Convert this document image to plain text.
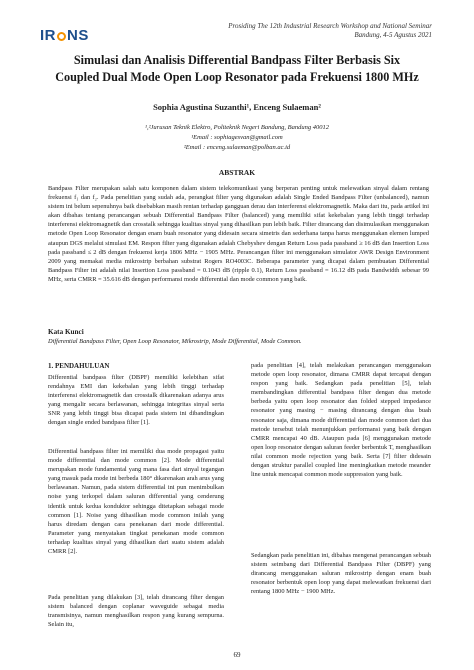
IR NS
Prosiding The 12th Industrial Research Workshop and National Seminar
Bandung, 4-5 Agustus 2021
Simulasi dan Analisis Differential Bandpass Filter Berbasis Six
Coupled Dual Mode Open Loop Resonator pada Frekuensi 1800 MHz
Sophia Agustina Suzanthi¹, Enceng Sulaeman²
¹,²Jurusan Teknik Elektro, Politeknik Negeri Bandung, Bandung 40012
¹Email : sophiagesvan@gmail.com
²Email : enceng.sulaeman@polban.ac.id
ABSTRAK
Bandpass Filter merupakan salah satu komponen dalam sistem telekomunikasi yang berperan penting untuk melewatkan sinyal dalam rentang frekuensi f₁ dan f₂. Pada penelitian yang sudah ada, perangkat filter yang digunakan adalah Single Ended Bandpass Filter (unbalanced), namun sistem ini belum sepenuhnya baik disebabkan masih rentan terhadap gangguan derau dan interferensi elektromagnetik. Maka dari itu, pada artikel ini akan dibahas tentang perancangan sebuah Differential Bandpass Filter (balanced) yang memiliki sifat kekebalan yang lebih tinggi terhadap interferensi elektromagnetik dan crosstalk sehingga kualitas sinyal yang dihasilkan pun lebih baik. Filter dirancang dan disimulasikan menggunakan metode Open Loop Resonator dengan enam buah resonator yang didesain secara simetris dan sederhana tanpa harus menggunakan elemen lumped ataupun DGS melalui simulasi EM. Respon filter yang digunakan adalah Chebyshev dengan Return Loss pada passband ≥ 16 dB dan Insertion Loss pada passband ≤ 2 dB dengan frekuensi kerja 1806 MHz − 1905 MHz. Perancangan filter ini menggunakan simulator AWR Design Environment 2009 yang memakai media mikrostrip berbahan substrat Rogers RO4003C. Beberapa parameter yang dicapai dalam pembuatan Differential Bandpass Filter ini adalah nilai Insertion Loss passband = 0.1043 dB (ripple 0.1), Return Loss passband = 16.12 dB pada Bandwidth sebesar 99 MHz, serta CMRR = 35.616 dB dengan performansi mode differential dan mode common yang baik.
Kata Kunci
Differential Bandpass Filter, Open Loop Resonator, Mikrostrip, Mode Differential, Mode Common.
1. PENDAHULUAN
Differential bandpass filter (DBPF) memiliki kelebihan sifat rendahnya EMI dan kekebalan yang lebih tinggi terhadap interferensi elektromagnetik dan crosstalk dikarenakan adanya arus yang mengalir secara berlawanan, sehingga integritas sinyal serta SNR yang lebih tinggi bisa dicapai pada sistem ini dibandingkan dengan single ended bandpass filter [1].
Differential bandpass filter ini memiliki dua mode propagasi yaitu mode differential dan mode common [2]. Mode differential merupakan mode fundamental yang mana fasa dari sinyal tegangan yang masuk pada mode ini berbeda 180° dikarenakan arah arus yang berlawanan. Namun, pada sistem differential ini pun menimbulkan noise yang terkopel dalam saluran differential yang cenderung identik untuk kedua konduktor sehingga ditetapkan sebagai mode common [1]. Noise yang dihasilkan mode common inilah yang harus diredam dengan cara penekanan dari mode differential. Parameter yang menyatakan tingkat penekanan mode common terhadap kualitas sinyal yang dihasilkan dari suatu sistem adalah CMRR [2].
Pada penelitian yang dilakukan [3], telah dirancang filter dengan sistem balanced dengan coplanar waveguide sebagai media transmisinya, namun menghasilkan respon yang kurang sempurna. Selain itu,
pada penelitian [4], telah melakukan perancangan menggunakan metode open loop resonator, dimana CMRR dapat tercapai dengan respon yang baik. Sedangkan pada penelitian [5], telah membandingkan differential bandpass filter dengan dua metode berbeda yaitu open loop resonator dan folded stepped impedance resonator yang masing − masing dirancang dengan dua buah resonator saja, dimana mode differential dan mode common dari dua metode tersebut telah menunjukkan performansi yang baik dengan CMRR mencapai 40 dB. Ataupun pada [6] menggunakan metode open loop resonator dengan saluran feeder berbentuk T, menghasilkan nilai common mode rejection yang baik. Serta [7] filter didesain dengan struktur parallel coupled line meningkatkan metode meander line untuk mencapai common mode suppression yang baik.
Sedangkan pada penelitian ini, dibahas mengenai perancangan sebuah sistem seimbang dari Differential Bandpass Filter (DBPF) yang dirancang menggunakan saluran mikrostrip dengan enam buah resonator berbentuk open loop yang dapat melewatkan frekuensi dari rentang 1800 MHz − 1900 MHz.
69
